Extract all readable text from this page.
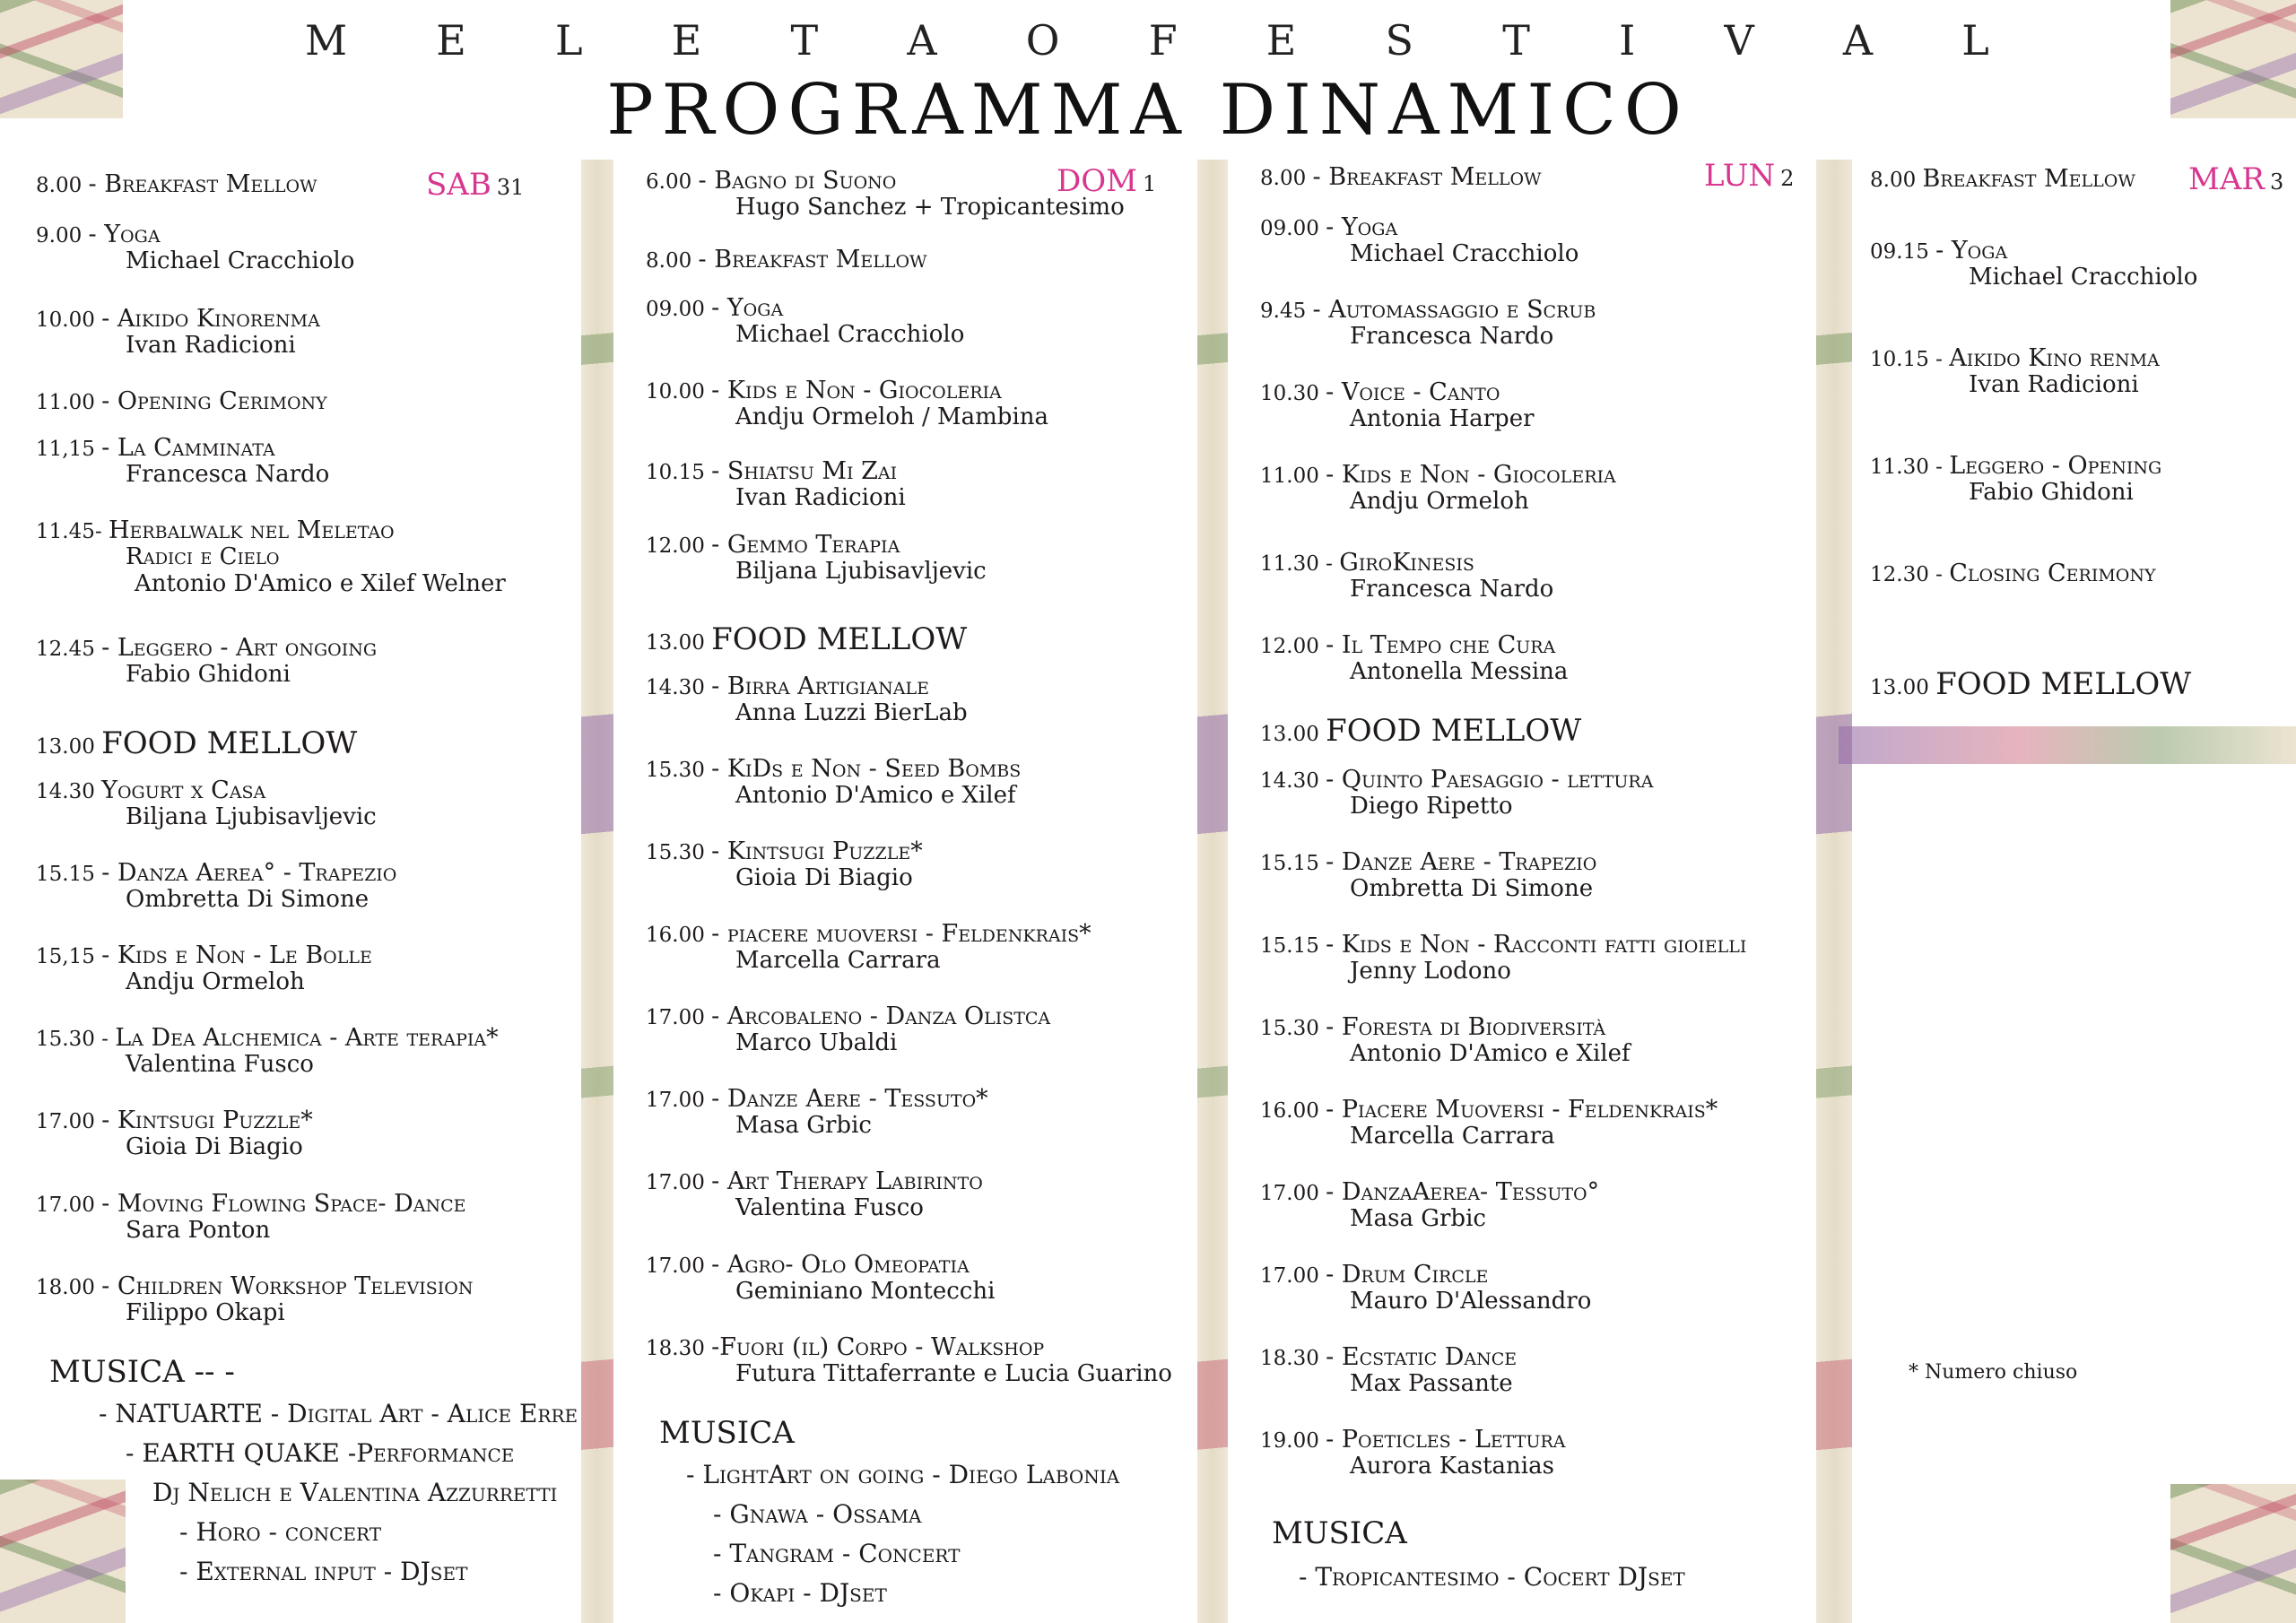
M E L E T A O F E S T I V A L
PROGRAMMA DINAMICO
SAB 31
8.00 - Breakfast Mellow
9.00 - Yoga
Michael Cracchiolo
10.00 - Aikido Kinorenma
Ivan Radicioni
11.00 - Opening Cerimony
11,15 - La Camminata
Francesca Nardo
11.45- Herbalwalk nel Meletao
Radici e Cielo
Antonio D'Amico e Xilef Welner
12.45 - Leggero - Art ongoing
Fabio Ghidoni
13.00 FOOD MELLOW
14.30 Yogurt x Casa
Biljana Ljubisavljevic
15.15 - Danza Aerea° - Trapezio
Ombretta Di Simone
15,15 - Kids e Non - Le Bolle
Andju Ormeloh
15.30 - La Dea Alchemica - Arte terapia*
Valentina Fusco
17.00 - Kintsugi Puzzle*
Gioia Di Biagio
17.00 - Moving Flowing Space- Dance
Sara Ponton
18.00 - Children Workshop Television
Filippo Okapi
MUSICA -- -
- NATUARTE - Digital Art - Alice Erre
- EARTH QUAKE -Performance
Dj Nelich e Valentina Azzurretti
- Horo - concert
- External input - DJset
DOM 1
6.00 - Bagno di Suono
Hugo Sanchez + Tropicantesimo
8.00 - Breakfast Mellow
09.00 - Yoga
Michael Cracchiolo
10.00 - Kids e Non - Giocoleria
Andju Ormeloh / Mambina
10.15 - Shiatsu Mi Zai
Ivan Radicioni
12.00 - Gemmo Terapia
Biljana Ljubisavljevic
13.00 FOOD MELLOW
14.30 - Birra Artigianale
Anna Luzzi BierLab
15.30 - KiDs e Non - Seed Bombs
Antonio D'Amico e Xilef
15.30 - Kintsugi Puzzle*
Gioia Di Biagio
16.00 - piacere muoversi - Feldenkrais*
Marcella Carrara
17.00 - Arcobaleno - Danza Olistca
Marco Ubaldi
17.00 - Danze Aere - Tessuto*
Masa Grbic
17.00 - Art Therapy Labirinto
Valentina Fusco
17.00 - Agro- Olo Omeopatia
Geminiano Montecchi
18.30 -Fuori (il) Corpo - Walkshop
Futura Tittaferrante e Lucia Guarino
MUSICA
- LightArt on going - Diego Labonia
- Gnawa - Ossama
- Tangram - Concert
- Okapi - DJset
LUN 2
8.00 - Breakfast Mellow
09.00 - Yoga
Michael Cracchiolo
9.45 - Automassaggio e Scrub
Francesca Nardo
10.30 - Voice - Canto
Antonia Harper
11.00 - Kids e Non - Giocoleria
Andju Ormeloh
11.30 - GiroKinesis
Francesca Nardo
12.00 - Il Tempo che Cura
Antonella Messina
13.00 FOOD MELLOW
14.30 - Quinto Paesaggio - lettura
Diego Ripetto
15.15 - Danze Aere - Trapezio
Ombretta Di Simone
15.15 - Kids e Non - Racconti fatti gioielli
Jenny Lodono
15.30 - Foresta di Biodiversità
Antonio D'Amico e Xilef
16.00 - Piacere Muoversi - Feldenkrais*
Marcella Carrara
17.00 - DanzaAerea- Tessuto°
Masa Grbic
17.00 - Drum Circle
Mauro D'Alessandro
18.30 - Ecstatic Dance
Max Passante
19.00 - Poeticles - Lettura
Aurora Kastanias
MUSICA
- Tropicantesimo - Cocert DJset
MAR 3
8.00 Breakfast Mellow
09.15 - Yoga
Michael Cracchiolo
10.15 - Aikido Kino renma
Ivan Radicioni
11.30 - Leggero - Opening
Fabio Ghidoni
12.30 - Closing Cerimony
13.00 FOOD MELLOW
* Numero chiuso
